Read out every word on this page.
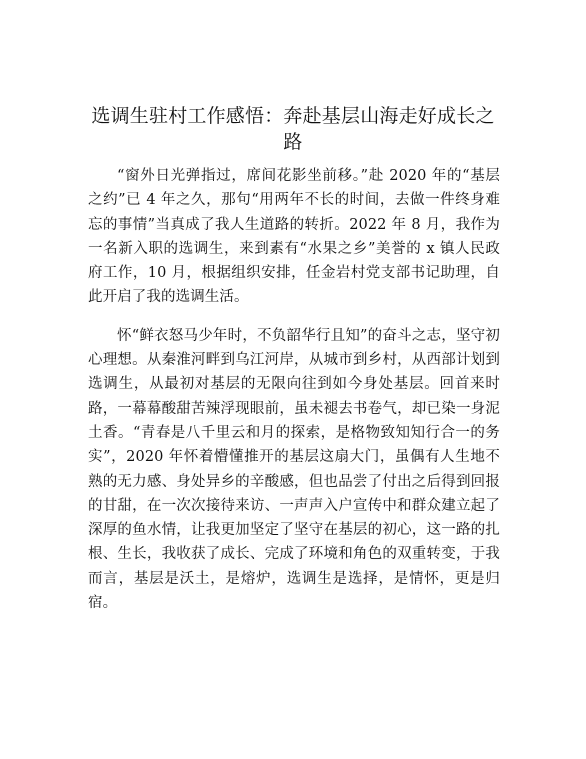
选调生驻村工作感悟：奔赴基层山海走好成长之路

“窗外日光弹指过，席间花影坐前移。”赴 2020 年的“基层之约”已 4 年之久，那句“用两年不长的时间，去做一件终身难忘的事情”当真成了我人生道路的转折。2022 年 8 月，我作为一名新入职的选调生，来到素有“水果之乡”美誉的 x 镇人民政府工作，10 月，根据组织安排，任金岩村党支部书记助理，自此开启了我的选调生活。

怀“鲜衣怒马少年时，不负韶华行且知”的奋斗之志，坚守初心理想。从秦淮河畔到乌江河岸，从城市到乡村，从西部计划到选调生，从最初对基层的无限向往到如今身处基层。回首来时路，一幕幕酸甜苦辣浮现眼前，虽未褪去书卷气，却已染一身泥土香。“青春是八千里云和月的探索，是格物致知知行合一的务实”，2020 年怀着懵懂推开的基层这扇大门，虽偶有人生地不熟的无力感、身处异乡的辛酸感，但也品尝了付出之后得到回报的甘甜，在一次次接待来访、一声声入户宣传中和群众建立起了深厚的鱼水情，让我更加坚定了坚守在基层的初心，这一路的扎根、生长，我收获了成长、完成了环境和角色的双重转变，于我而言，基层是沃土，是熔炉，选调生是选择，是情怀，更是归宿。
